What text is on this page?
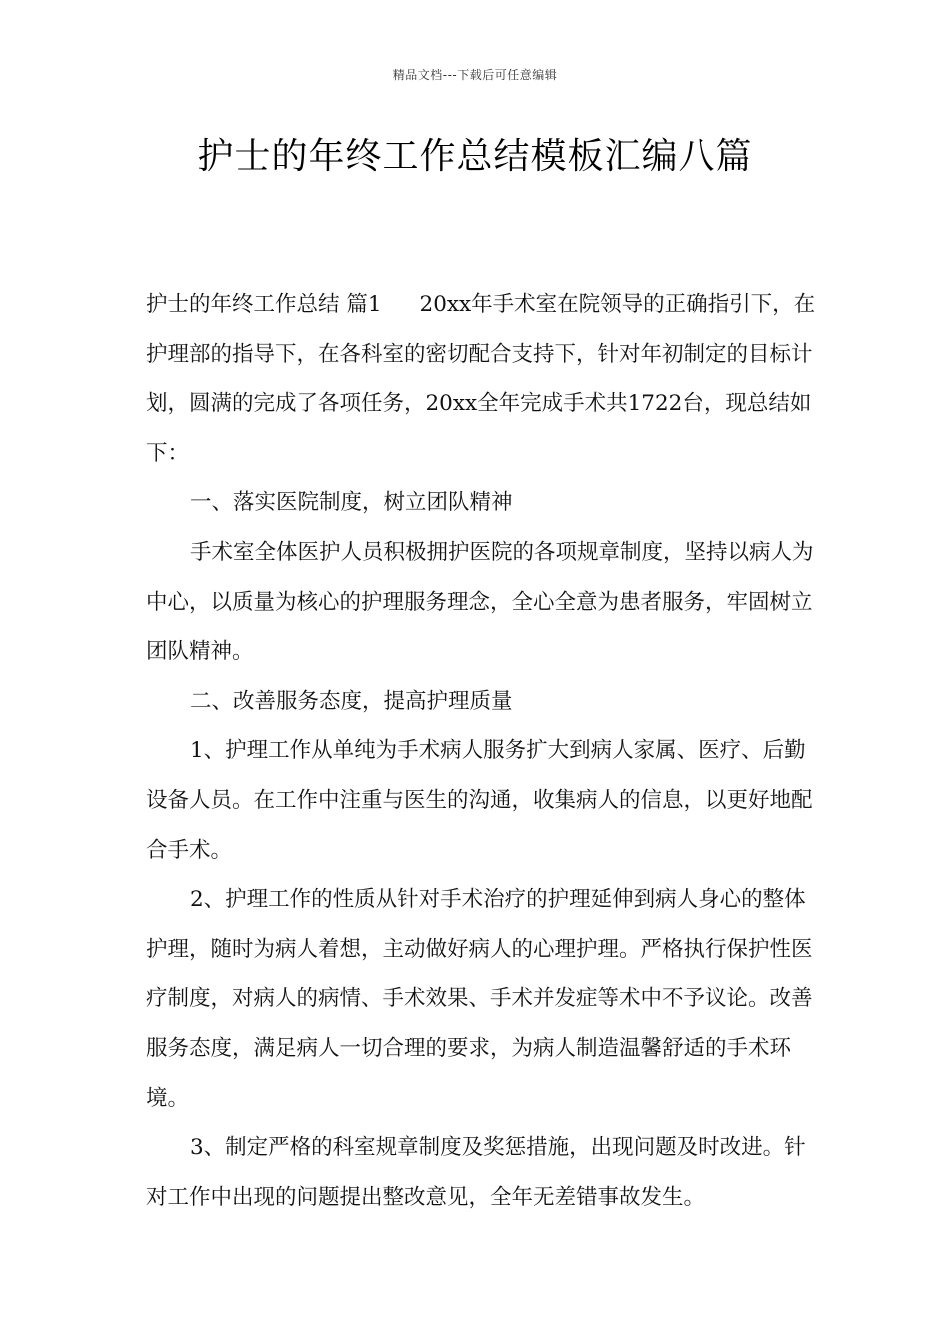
精品文档---下载后可任意编辑
护士的年终工作总结模板汇编八篇

护士的年终工作总结 篇1 20xx年手术室在院领导的正确指引下，在护理部的指导下，在各科室的密切配合支持下，针对年初制定的目标计划，圆满的完成了各项任务，20xx全年完成手术共1722台，现总结如下：

一、落实医院制度，树立团队精神

手术室全体医护人员积极拥护医院的各项规章制度，坚持以病人为中心，以质量为核心的护理服务理念，全心全意为患者服务，牢固树立团队精神。

二、改善服务态度，提高护理质量

1、护理工作从单纯为手术病人服务扩大到病人家属、医疗、后勤设备人员。在工作中注重与医生的沟通，收集病人的信息，以更好地配合手术。

2、护理工作的性质从针对手术治疗的护理延伸到病人身心的整体护理，随时为病人着想，主动做好病人的心理护理。严格执行保护性医疗制度，对病人的病情、手术效果、手术并发症等术中不予议论。改善服务态度，满足病人一切合理的要求，为病人制造温馨舒适的手术环境。

3、制定严格的科室规章制度及奖惩措施，出现问题及时改进。针对工作中出现的问题提出整改意见，全年无差错事故发生。
